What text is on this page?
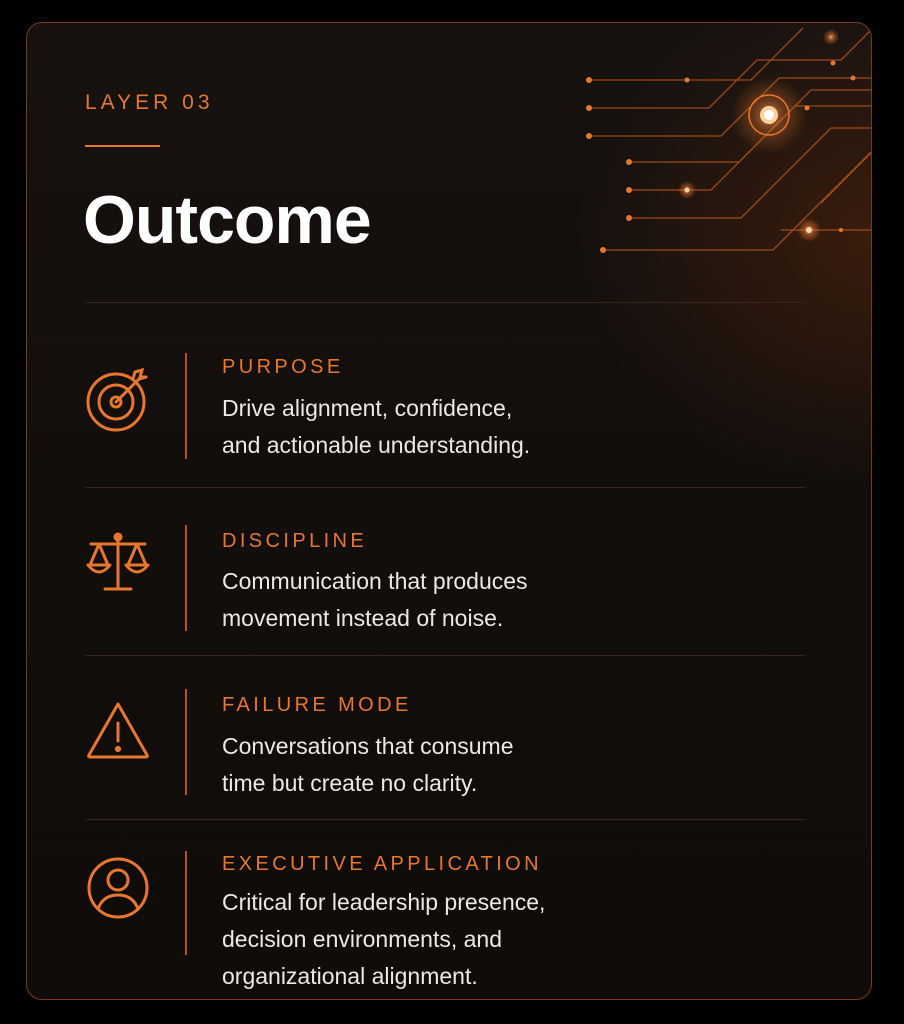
LAYER 03
Outcome
PURPOSE
Drive alignment, confidence,
and actionable understanding.
DISCIPLINE
Communication that produces
movement instead of noise.
FAILURE MODE
Conversations that consume
time but create no clarity.
EXECUTIVE APPLICATION
Critical for leadership presence,
decision environments, and
organizational alignment.
